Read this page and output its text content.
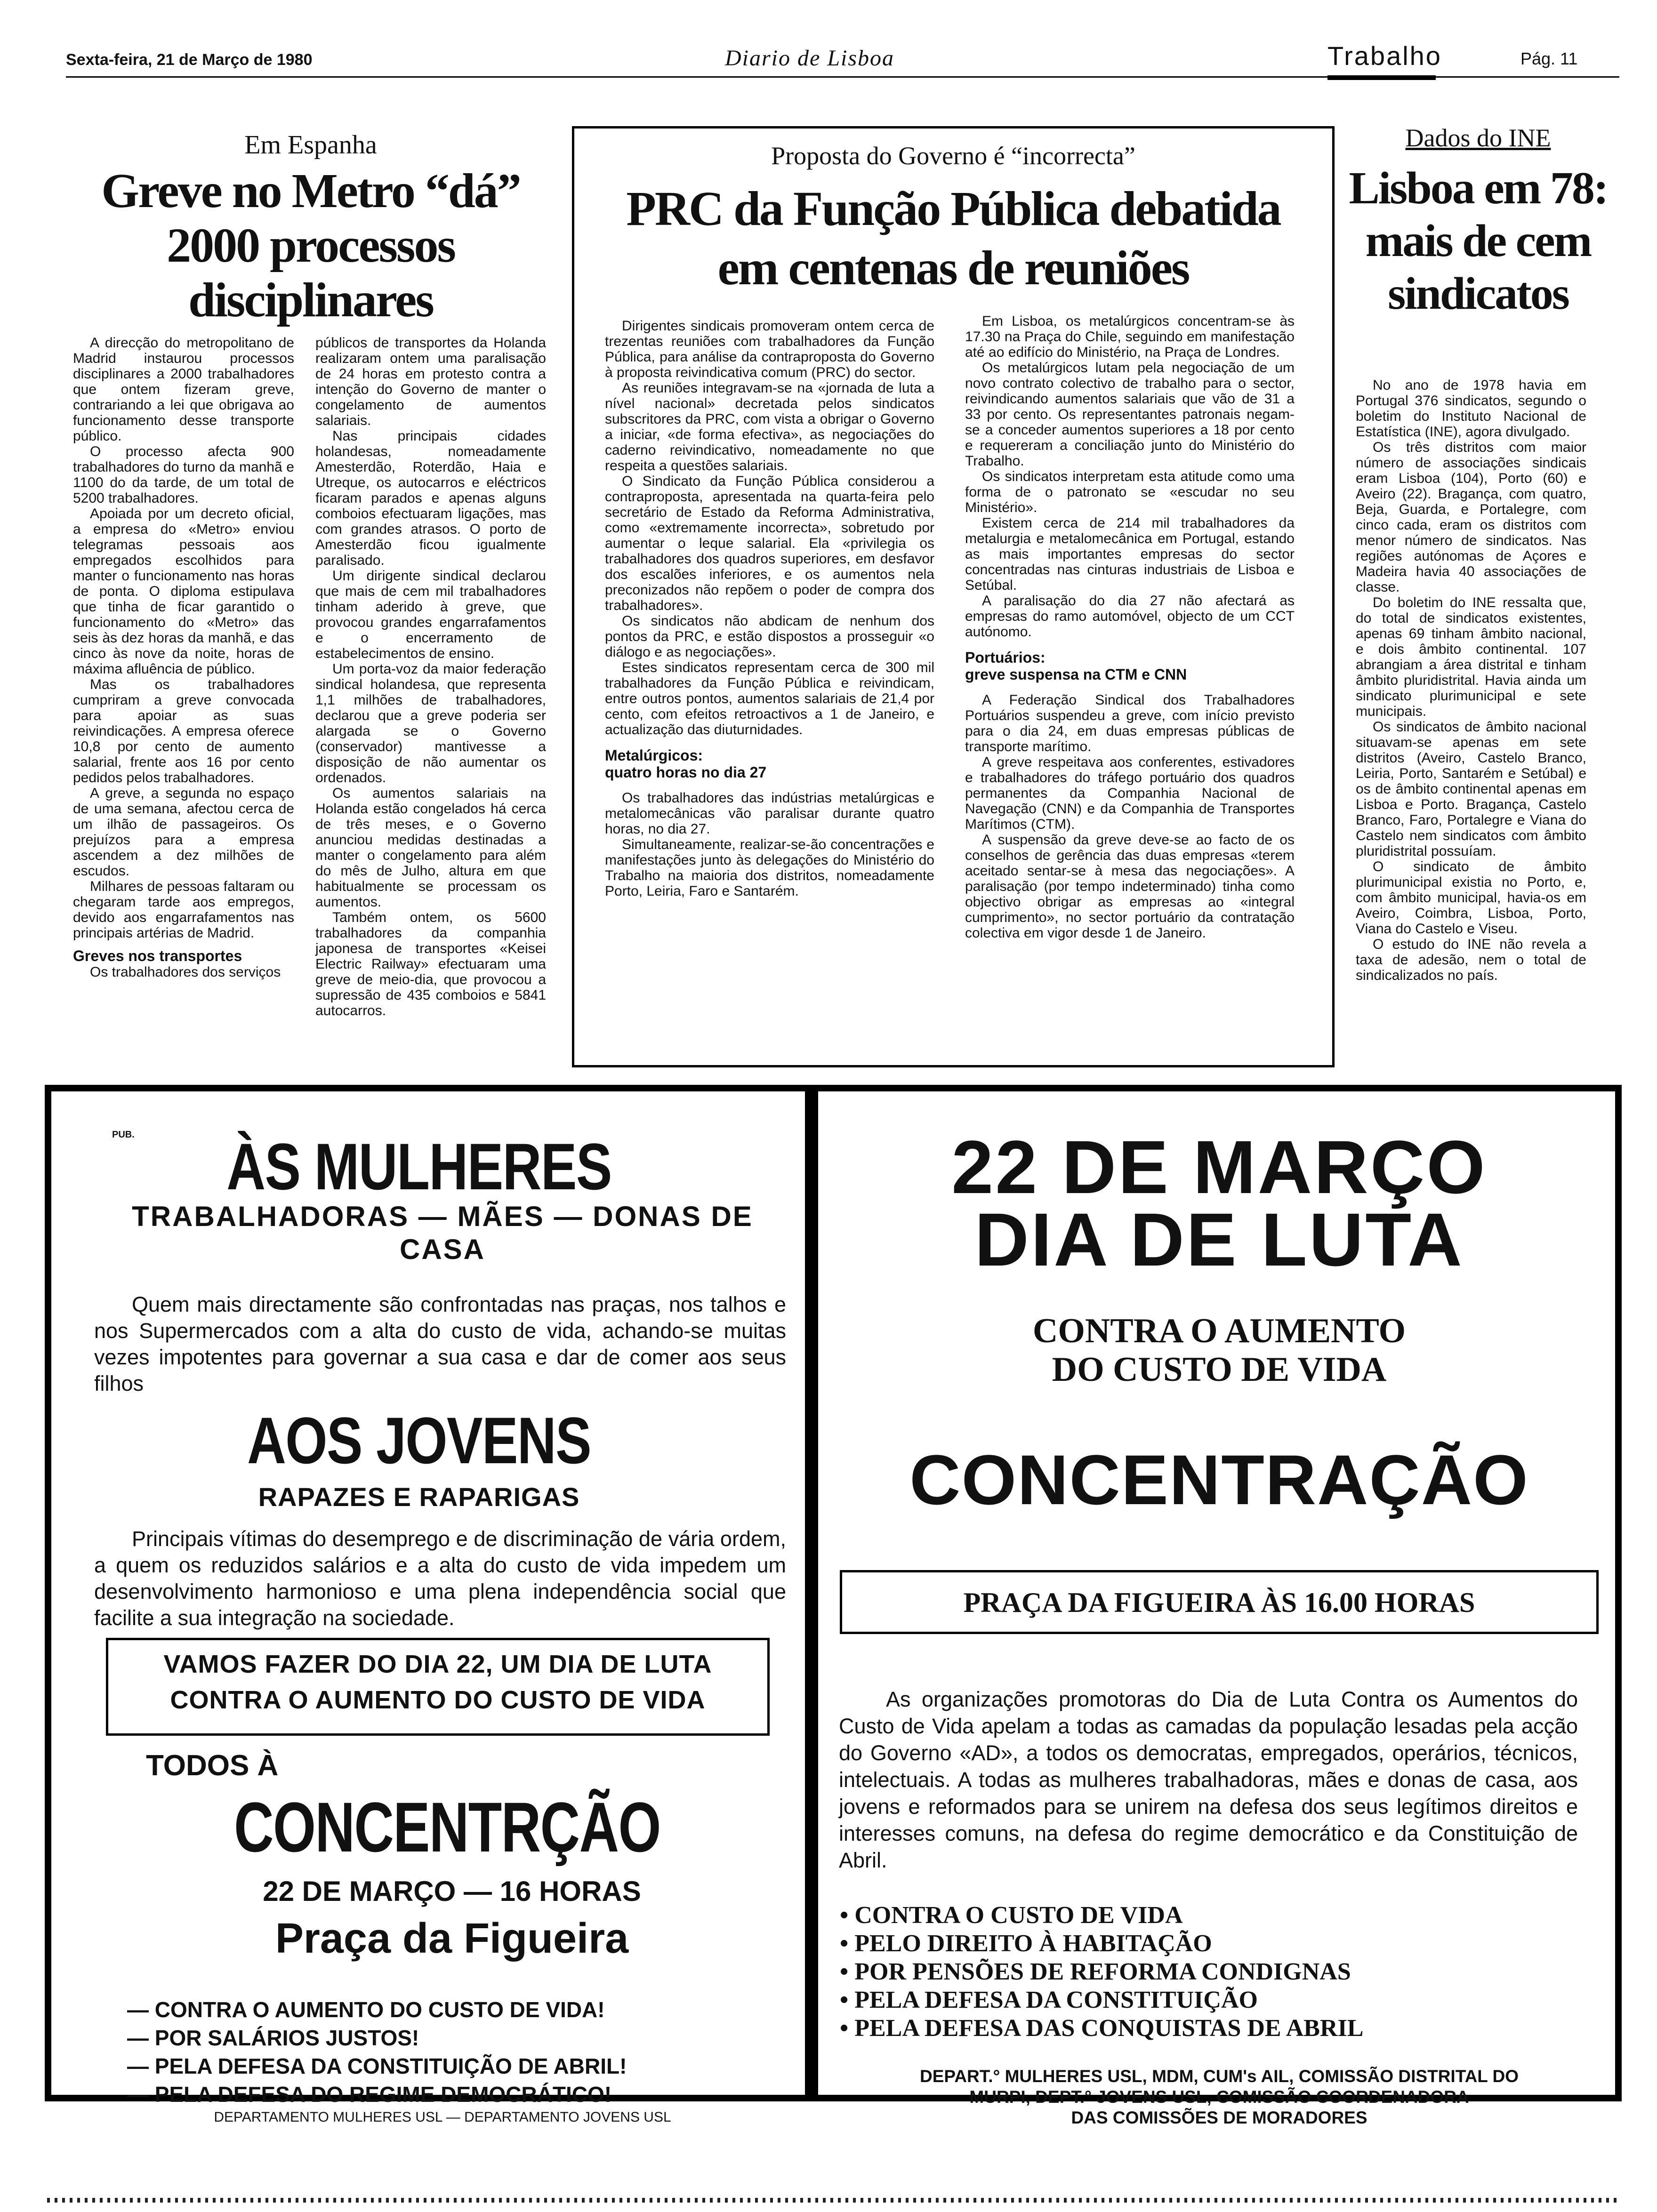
Sexta-feira, 21 de Março de 1980	Diario de Lisboa	Trabalho	Pág. 11
Em Espanha
Greve no Metro “dá” 2000 processos disciplinares

A direcção do metropolitano de Madrid instaurou processos disciplinares a 2000 trabalhadores que ontem fizeram greve, contrariando a lei que obrigava ao funcionamento desse transporte público.

O processo afecta 900 trabalhadores do turno da manhã e 1100 do da tarde, de um total de 5200 trabalhadores.

Apoiada por um decreto oficial, a empresa do «Metro» enviou telegramas pessoais aos empregados escolhidos para manter o funcionamento nas horas de ponta. O diploma estipulava que tinha de ficar garantido o funcionamento do «Metro» das seis às dez horas da manhã, e das cinco às nove da noite, horas de máxima afluência de público.

Mas os trabalhadores cumpriram a greve convocada para apoiar as suas reivindicações. A empresa oferece 10,8 por cento de aumento salarial, frente aos 16 por cento pedidos pelos trabalhadores.

A greve, a segunda no espaço de uma semana, afectou cerca de um ilhão de passageiros. Os prejuízos para a empresa ascendem a dez milhões de escudos.

Milhares de pessoas faltaram ou chegaram tarde aos empregos, devido aos engarrafamentos nas principais artérias de Madrid.

Greves nos transportes

Os trabalhadores dos serviços

públicos de transportes da Holanda realizaram ontem uma paralisação de 24 horas em protesto contra a intenção do Governo de manter o congelamento de aumentos salariais.

Nas principais cidades holandesas, nomeadamente Amesterdão, Roterdão, Haia e Utreque, os autocarros e eléctricos ficaram parados e apenas alguns comboios efectuaram ligações, mas com grandes atrasos. O porto de Amesterdão ficou igualmente paralisado.

Um dirigente sindical declarou que mais de cem mil trabalhadores tinham aderido à greve, que provocou grandes engarrafamentos e o encerramento de estabelecimentos de ensino.

Um porta-voz da maior federação sindical holandesa, que representa 1,1 milhões de trabalhadores, declarou que a greve poderia ser alargada se o Governo (conservador) mantivesse a disposição de não aumentar os ordenados.

Os aumentos salariais na Holanda estão congelados há cerca de três meses, e o Governo anunciou medidas destinadas a manter o congelamento para além do mês de Julho, altura em que habitualmente se processam os aumentos.

Também ontem, os 5600 trabalhadores da companhia japonesa de transportes «Keisei Electric Railway» efectuaram uma greve de meio-dia, que provocou a supressão de 435 comboios e 5841 autocarros.

Proposta do Governo é “incorrecta”
PRC da Função Pública debatida
em centenas de reuniões

Dirigentes sindicais promoveram ontem cerca de trezentas reuniões com trabalhadores da Função Pública, para análise da contraproposta do Governo à proposta reivindicativa comum (PRC) do sector.

As reuniões integravam-se na «jornada de luta a nível nacional» decretada pelos sindicatos subscritores da PRC, com vista a obrigar o Governo a iniciar, «de forma efectiva», as negociações do caderno reivindicativo, nomeadamente no que respeita a questões salariais.

O Sindicato da Função Pública considerou a contraproposta, apresentada na quarta-feira pelo secretário de Estado da Reforma Administrativa, como «extremamente incorrecta», sobretudo por aumentar o leque salarial. Ela «privilegia os trabalhadores dos quadros superiores, em desfavor dos escalões inferiores, e os aumentos nela preconizados não repõem o poder de compra dos trabalhadores».

Os sindicatos não abdicam de nenhum dos pontos da PRC, e estão dispostos a prosseguir «o diálogo e as negociações».

Estes sindicatos representam cerca de 300 mil trabalhadores da Função Pública e reivindicam, entre outros pontos, aumentos salariais de 21,4 por cento, com efeitos retroactivos a 1 de Janeiro, e actualização das diuturnidades.

Metalúrgicos:
quatro horas no dia 27

Os trabalhadores das indústrias metalúrgicas e metalomecânicas vão paralisar durante quatro horas, no dia 27.

Simultaneamente, realizar-se-ão concentrações e manifestações junto às delegações do Ministério do Trabalho na maioria dos distritos, nomeadamente Porto, Leiria, Faro e Santarém.

Em Lisboa, os metalúrgicos concentram-se às 17.30 na Praça do Chile, seguindo em manifestação até ao edifício do Ministério, na Praça de Londres.

Os metalúrgicos lutam pela negociação de um novo contrato colectivo de trabalho para o sector, reivindicando aumentos salariais que vão de 31 a 33 por cento. Os representantes patronais negam-se a conceder aumentos superiores a 18 por cento e requereram a conciliação junto do Ministério do Trabalho.

Os sindicatos interpretam esta atitude como uma forma de o patronato se «escudar no seu Ministério».

Existem cerca de 214 mil trabalhadores da metalurgia e metalomecânica em Portugal, estando as mais importantes empresas do sector concentradas nas cinturas industriais de Lisboa e Setúbal.

A paralisação do dia 27 não afectará as empresas do ramo automóvel, objecto de um CCT autónomo.

Portuários:
greve suspensa na CTM e CNN

A Federação Sindical dos Trabalhadores Portuários suspendeu a greve, com início previsto para o dia 24, em duas empresas públicas de transporte marítimo.

A greve respeitava aos conferentes, estivadores e trabalhadores do tráfego portuário dos quadros permanentes da Companhia Nacional de Navegação (CNN) e da Companhia de Transportes Marítimos (CTM).

A suspensão da greve deve-se ao facto de os conselhos de gerência das duas empresas «terem aceitado sentar-se à mesa das negociações». A paralisação (por tempo indeterminado) tinha como objectivo obrigar as empresas ao «integral cumprimento», no sector portuário da contratação colectiva em vigor desde 1 de Janeiro.

Dados do INE
Lisboa em 78: mais de cem sindicatos

No ano de 1978 havia em Portugal 376 sindicatos, segundo o boletim do Instituto Nacional de Estatística (INE), agora divulgado.

Os três distritos com maior número de associações sindicais eram Lisboa (104), Porto (60) e Aveiro (22). Bragança, com quatro, Beja, Guarda, e Portalegre, com cinco cada, eram os distritos com menor número de sindicatos. Nas regiões autónomas de Açores e Madeira havia 40 associações de classe.

Do boletim do INE ressalta que, do total de sindicatos existentes, apenas 69 tinham âmbito nacional, e dois âmbito continental. 107 abrangiam a área distrital e tinham âmbito pluridistrital. Havia ainda um sindicato plurimunicipal e sete municipais.

Os sindicatos de âmbito nacional situavam-se apenas em sete distritos (Aveiro, Castelo Branco, Leiria, Porto, Santarém e Setúbal) e os de âmbito continental apenas em Lisboa e Porto. Bragança, Castelo Branco, Faro, Portalegre e Viana do Castelo nem sindicatos com âmbito pluridistrital possuíam.

O sindicato de âmbito plurimunicipal existia no Porto, e, com âmbito municipal, havia-os em Aveiro, Coimbra, Lisboa, Porto, Viana do Castelo e Viseu.

O estudo do INE não revela a taxa de adesão, nem o total de sindicalizados no país.

PUB.	ÀS MULHERES
TRABALHADORAS — MÃES — DONAS DE CASA
Quem mais directamente são confrontadas nas praças, nos talhos e nos Supermercados com a alta do custo de vida, achando-se muitas vezes impotentes para governar a sua casa e dar de comer aos seus filhos
AOS JOVENS
RAPAZES E RAPARIGAS
Principais vítimas do desemprego e de discriminação de vária ordem, a quem os reduzidos salários e a alta do custo de vida impedem um desenvolvimento harmonioso e uma plena independência social que facilite a sua integração na sociedade.
VAMOS FAZER DO DIA 22, UM DIA DE LUTA
CONTRA O AUMENTO DO CUSTO DE VIDA
TODOS À
CONCENTRÇÃO
22 DE MARÇO — 16 HORAS
Praça da Figueira
— CONTRA O AUMENTO DO CUSTO DE VIDA!
— POR SALÁRIOS JUSTOS!
— PELA DEFESA DA CONSTITUIÇÃO DE ABRIL!
— PELA DEFESA DO REGIME DEMOCRÁTICO!
DEPARTAMENTO MULHERES USL — DEPARTAMENTO JOVENS USL
22 DE MARÇO
DIA DE LUTA
CONTRA O AUMENTO
DO CUSTO DE VIDA
CONCENTRAÇÃO
PRAÇA DA FIGUEIRA ÀS 16.00 HORAS
As organizações promotoras do Dia de Luta Contra os Aumentos do Custo de Vida apelam a todas as camadas da população lesadas pela acção do Governo «AD», a todos os democratas, empregados, operários, técnicos, intelectuais. A todas as mulheres trabalhadoras, mães e donas de casa, aos jovens e reformados para se unirem na defesa dos seus legítimos direitos e interesses comuns, na defesa do regime democrático e da Constituição de Abril.
• CONTRA O CUSTO DE VIDA
• PELO DIREITO À HABITAÇÃO
• POR PENSÕES DE REFORMA CONDIGNAS
• PELA DEFESA DA CONSTITUIÇÃO
• PELA DEFESA DAS CONQUISTAS DE ABRIL
DEPART.° MULHERES USL, MDM, CUM's AIL, COMISSÃO DISTRITAL DO
MURPI, DEPT.° JOVENS USL, COMISSÃO COORDENADORA
DAS COMISSÕES DE MORADORES
